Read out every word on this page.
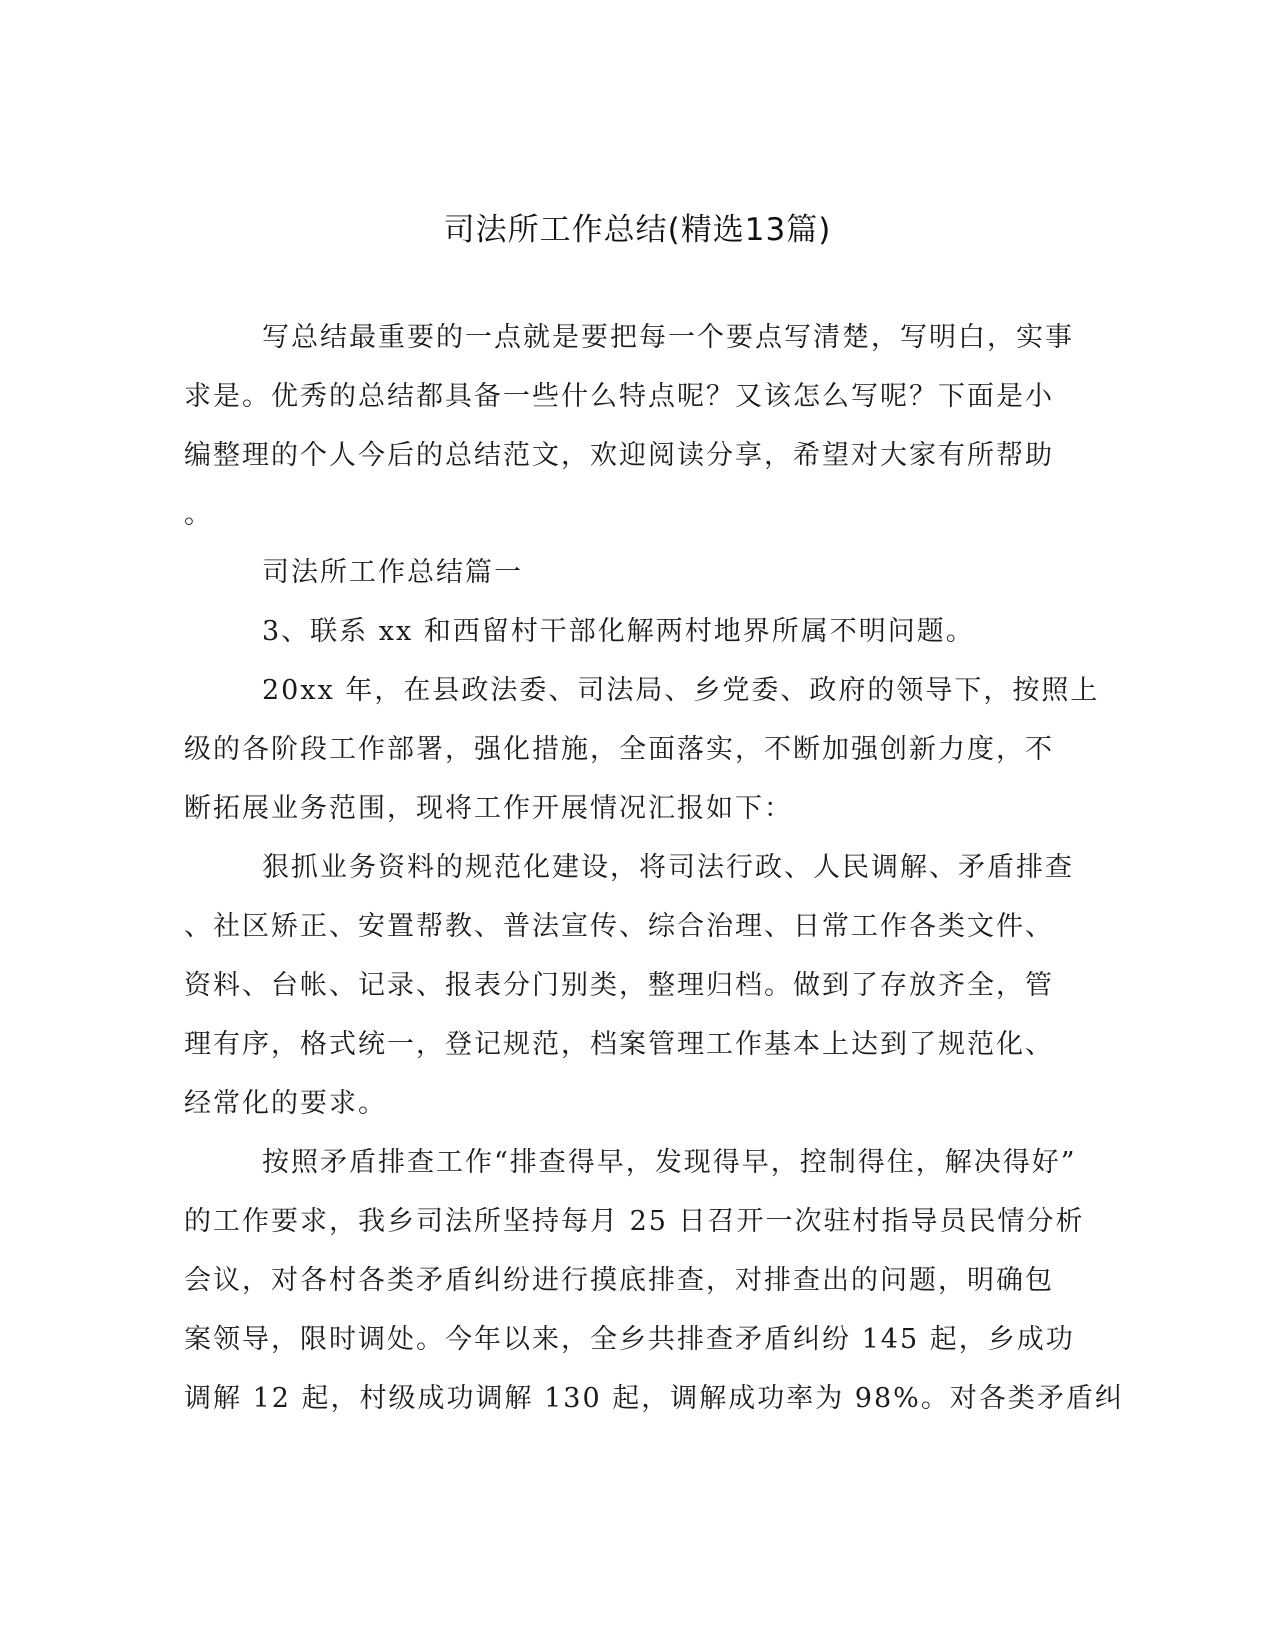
司法所工作总结(精选13篇)
写总结最重要的一点就是要把每一个要点写清楚，写明白，实事
求是。优秀的总结都具备一些什么特点呢？又该怎么写呢？下面是小
编整理的个人今后的总结范文，欢迎阅读分享，希望对大家有所帮助
。
司法所工作总结篇一
3、联系 xx 和西留村干部化解两村地界所属不明问题。
20xx 年，在县政法委、司法局、乡党委、政府的领导下，按照上
级的各阶段工作部署，强化措施，全面落实，不断加强创新力度，不
断拓展业务范围，现将工作开展情况汇报如下：
狠抓业务资料的规范化建设，将司法行政、人民调解、矛盾排查
、社区矫正、安置帮教、普法宣传、综合治理、日常工作各类文件、
资料、台帐、记录、报表分门别类，整理归档。做到了存放齐全，管
理有序，格式统一，登记规范，档案管理工作基本上达到了规范化、
经常化的要求。
按照矛盾排查工作“排查得早，发现得早，控制得住，解决得好”
的工作要求，我乡司法所坚持每月 25 日召开一次驻村指导员民情分析
会议，对各村各类矛盾纠纷进行摸底排查，对排查出的问题，明确包
案领导，限时调处。今年以来，全乡共排查矛盾纠纷 145 起，乡成功
调解 12 起，村级成功调解 130 起，调解成功率为 98%。对各类矛盾纠
